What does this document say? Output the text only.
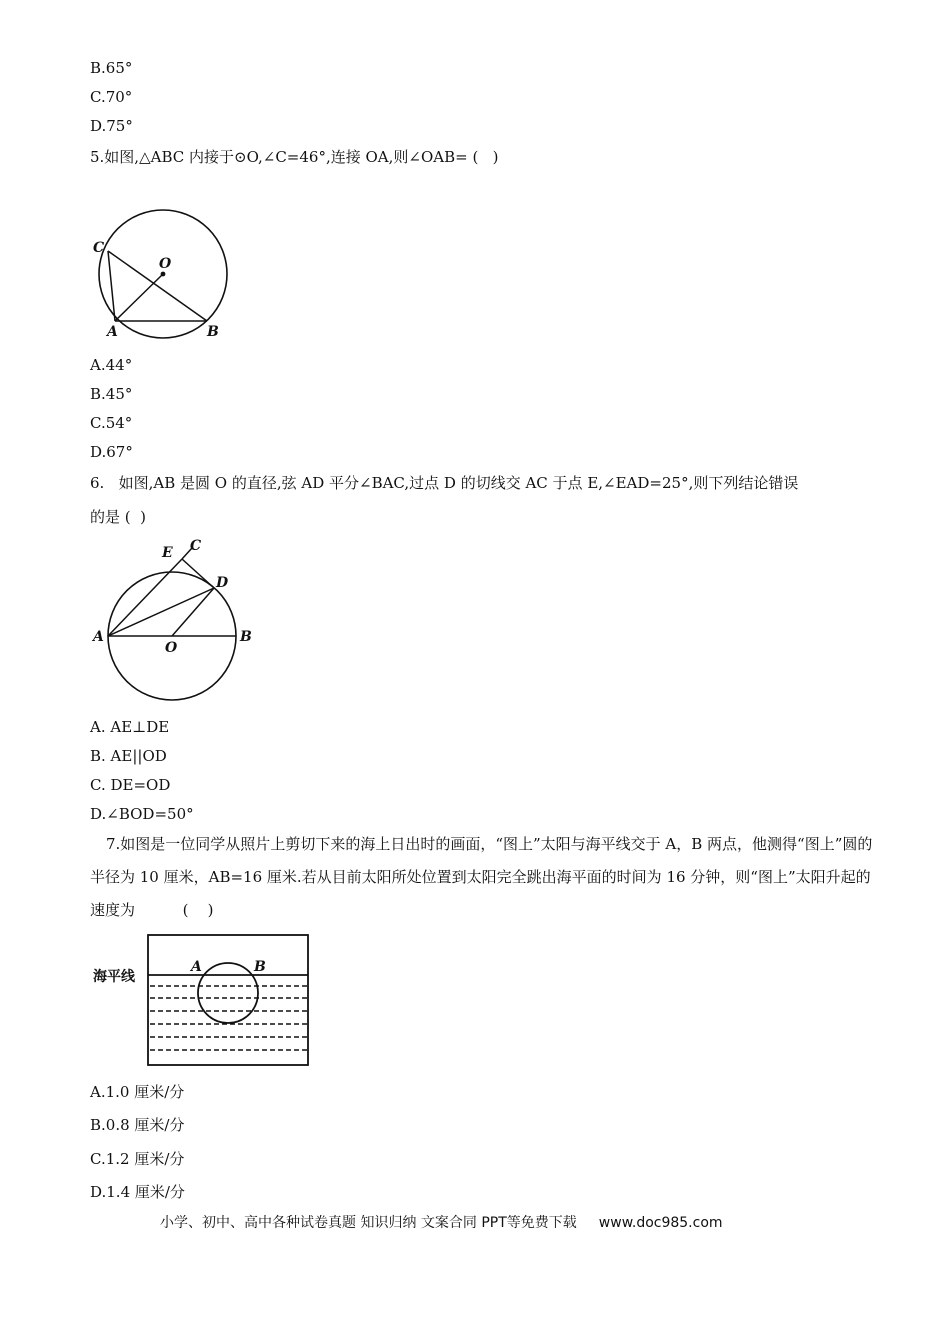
B.65°
C.70°
D.75°
5.如图,△ABC 内接于⊙O,∠C=46°,连接 OA,则∠OAB= (   )
C
O
A	B
A.44°
B.45°
C.54°
D.67°
6.   如图,AB 是圆 O 的直径,弦 AD 平分∠BAC,过点 D 的切线交 AC 于点 E,∠EAD=25°,则下列结论错误
的是 (  )
E C
D
A
O
B
A. AE⊥DE
B. AE||OD
C. DE=OD
D.∠BOD=50°
7.如图是一位同学从照片上剪切下来的海上日出时的画面，“图上”太阳与海平线交于 A，B 两点，他测得“图上”圆的半径为 10 厘米，AB=16 厘米.若从目前太阳所处位置到太阳完全跳出海平面的时间为 16 分钟，则“图上”太阳升起的速度为          (    )
海平线
A	B
A.1.0 厘米/分
B.0.8 厘米/分
C.1.2 厘米/分
D.1.4 厘米/分
小学、初中、高中各种试卷真题 知识归纳 文案合同 PPT等免费下载 www.doc985.com
